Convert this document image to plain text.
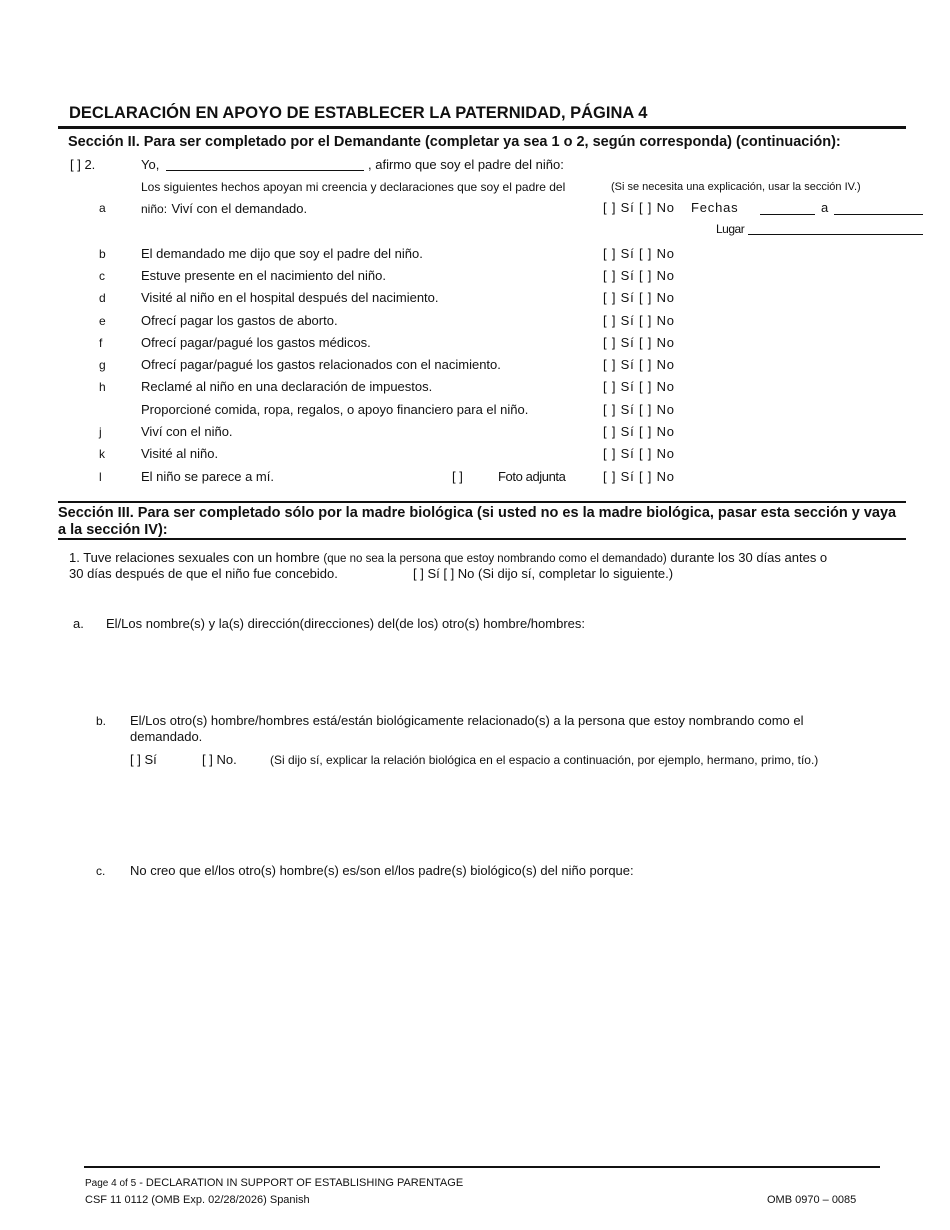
DECLARACIÓN EN APOYO DE ESTABLECER LA PATERNIDAD, PÁGINA 4
Sección II. Para ser completado por el Demandante (completar ya sea 1 o 2, según corresponda) (continuación):
[ ] 2.	Yo,	, afirmo que soy el padre del niño:
Los siguientes hechos apoyan mi creencia y declaraciones que soy el padre del	(Si se necesita una explicación, usar la sección IV.)
a	niño: Viví con el demandado.	[ ] Sí [ ] No Fechas	a
Lugar
b	El demandado me dijo que soy el padre del niño.	[ ] Sí [ ] No
c	Estuve presente en el nacimiento del niño.	[ ] Sí [ ] No
d	Visité al niño en el hospital después del nacimiento.	[ ] Sí [ ] No
e	Ofrecí pagar los gastos de aborto.	[ ] Sí [ ] No
f	Ofrecí pagar/pagué los gastos médicos.	[ ] Sí [ ] No
g	Ofrecí pagar/pagué los gastos relacionados con el nacimiento.	[ ] Sí [ ] No
h	Reclamé al niño en una declaración de impuestos.	[ ] Sí [ ] No
Proporcioné comida, ropa, regalos, o apoyo financiero para el niño.	[ ] Sí [ ] No
j	Viví con el niño.	[ ] Sí [ ] No
k	Visité al niño.	[ ] Sí [ ] No
l	El niño se parece a mí.	[ ]	Foto adjunta	[ ] Sí [ ] No
Sección III. Para ser completado sólo por la madre biológica (si usted no es la madre biológica, pasar esta sección y vaya a la sección IV):
1. Tuve relaciones sexuales con un hombre (que no sea la persona que estoy nombrando como el demandado) durante los 30 días antes o
30 días después de que el niño fue concebido.	[ ] Sí [ ] No (Si dijo sí, completar lo siguiente.)
a. El/Los nombre(s) y la(s) dirección(direcciones) del(de los) otro(s) hombre/hombres:
b. El/Los otro(s) hombre/hombres está/están biológicamente relacionado(s) a la persona que estoy nombrando como el
demandado.
[ ] Sí	[ ] No.	(Si dijo sí, explicar la relación biológica en el espacio a continuación, por ejemplo, hermano, primo, tío.)
c. No creo que el/los otro(s) hombre(s) es/son el/los padre(s) biológico(s) del niño porque:
Page 4 of 5 - DECLARATION IN SUPPORT OF ESTABLISHING PARENTAGE
CSF 11 0112 (OMB Exp. 02/28/2026) Spanish	OMB 0970 – 0085
